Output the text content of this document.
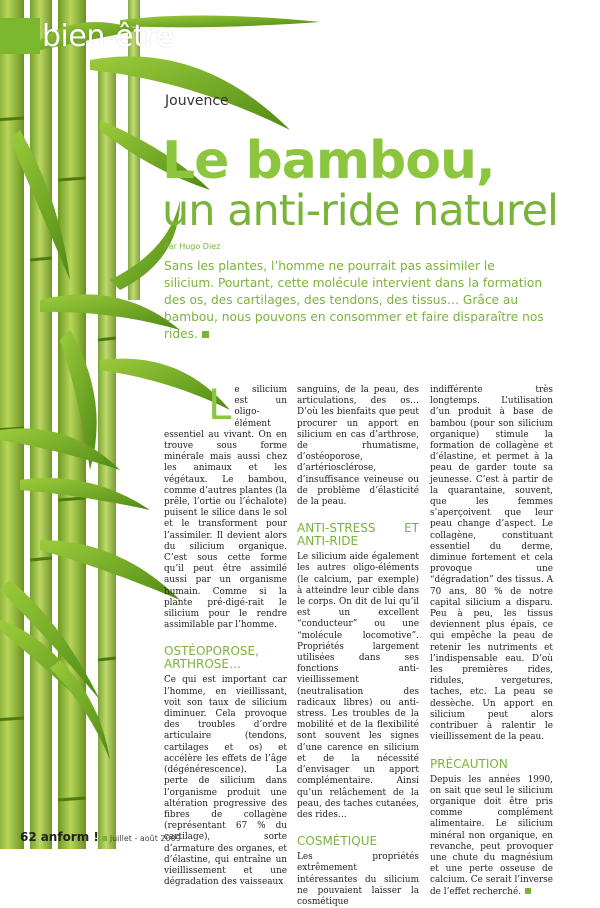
bien-être
Jouvence
Le bambou,
un anti-ride naturel
Par Hugo Diez
Sans les plantes, l’homme ne pourrait pas assimiler le silicium. Pourtant, cette molécule intervient dans la formation des os, des cartilages, des tendons, des tissus… Grâce au bambou, nous pouvons en consommer et faire disparaître nos rides.

Le silicium est un oligo-élément essentiel au vivant. On en trouve sous forme minérale mais aussi chez les animaux et les végétaux. Le bambou, comme d’autres plantes (la prêle, l’ortie ou l’échalote) puisent le silice dans le sol et le transforment pour l’assimiler. Il devient alors du silicium organique. C’est sous cette forme qu’il peut être assimilé aussi par un organisme humain. Comme si la plante pré-digé-rait le silicium pour le rendre assimilable par l’homme.

OSTÉOPOROSE, ARTHROSE…

Ce qui est important car l’homme, en vieillissant, voit son taux de silicium diminuer. Cela provoque des troubles d’ordre articulaire (tendons, cartilages et os) et accélère les effets de l’âge (dégénérescence). La perte de silicium dans l’organisme produit une altération progressive des fibres de collagène (représentant 67 % du cartilage), sorte d’armature des organes, et d’élastine, qui entraîne un vieillissement et une dégradation des vaisseaux

sanguins, de la peau, des articulations, des os… D’où les bienfaits que peut procurer un apport en silicium en cas d’arthrose, de rhumatisme, d’ostéoporose, d’artériosclérose, d’insuffisance veineuse ou de problème d’élasticité de la peau.

ANTI-STRESS ET ANTI-RIDE

Le silicium aide également les autres oligo-éléments (le calcium, par exemple) à atteindre leur cible dans le corps. On dit de lui qu’il est un excellent “conducteur” ou une “molécule locomotive”. Propriétés largement utilisées dans ses fonctions anti-vieillissement (neutralisation des radicaux libres) ou anti-stress. Les troubles de la mobilité et de la flexibilité sont souvent les signes d’une carence en silicium et de la nécessité d’envisager un apport complémentaire. Ainsi qu’un relâchement de la peau, des taches cutanées, des rides…

COSMÉTIQUE

Les propriétés extrêmement intéressantes du silicium ne pouvaient laisser la cosmétique

indifférente très longtemps. L’utilisation d’un produit à base de bambou (pour son silicium organique) stimule la formation de collagène et d’élastine, et permet à la peau de garder toute sa jeunesse. C’est à partir de la quarantaine, souvent, que les femmes s’aperçoivent que leur peau change d’aspect. Le collagène, constituant essentiel du derme, diminue fortement et cela provoque une “dégradation” des tissus. A 70 ans, 80 % de notre capital silicium a disparu. Peu à peu, les tissus deviennent plus épais, ce qui empêche la peau de retenir les nutriments et l’indispensable eau. D’où les premières rides, ridules, vergetures, taches, etc. La peau se dessèche. Un apport en silicium peut alors contribuer à ralentir le vieillissement de la peau.

PRÉCAUTION

Depuis les années 1990, on sait que seul le silicium organique doit être pris comme complément alimentaire. Le silicium minéral non organique, en revanche, peut provoquer une chute du magnésium et une perte osseuse de calcium. Ce serait l’inverse de l’effet recherché.

62 anform ! juillet - août 2009
